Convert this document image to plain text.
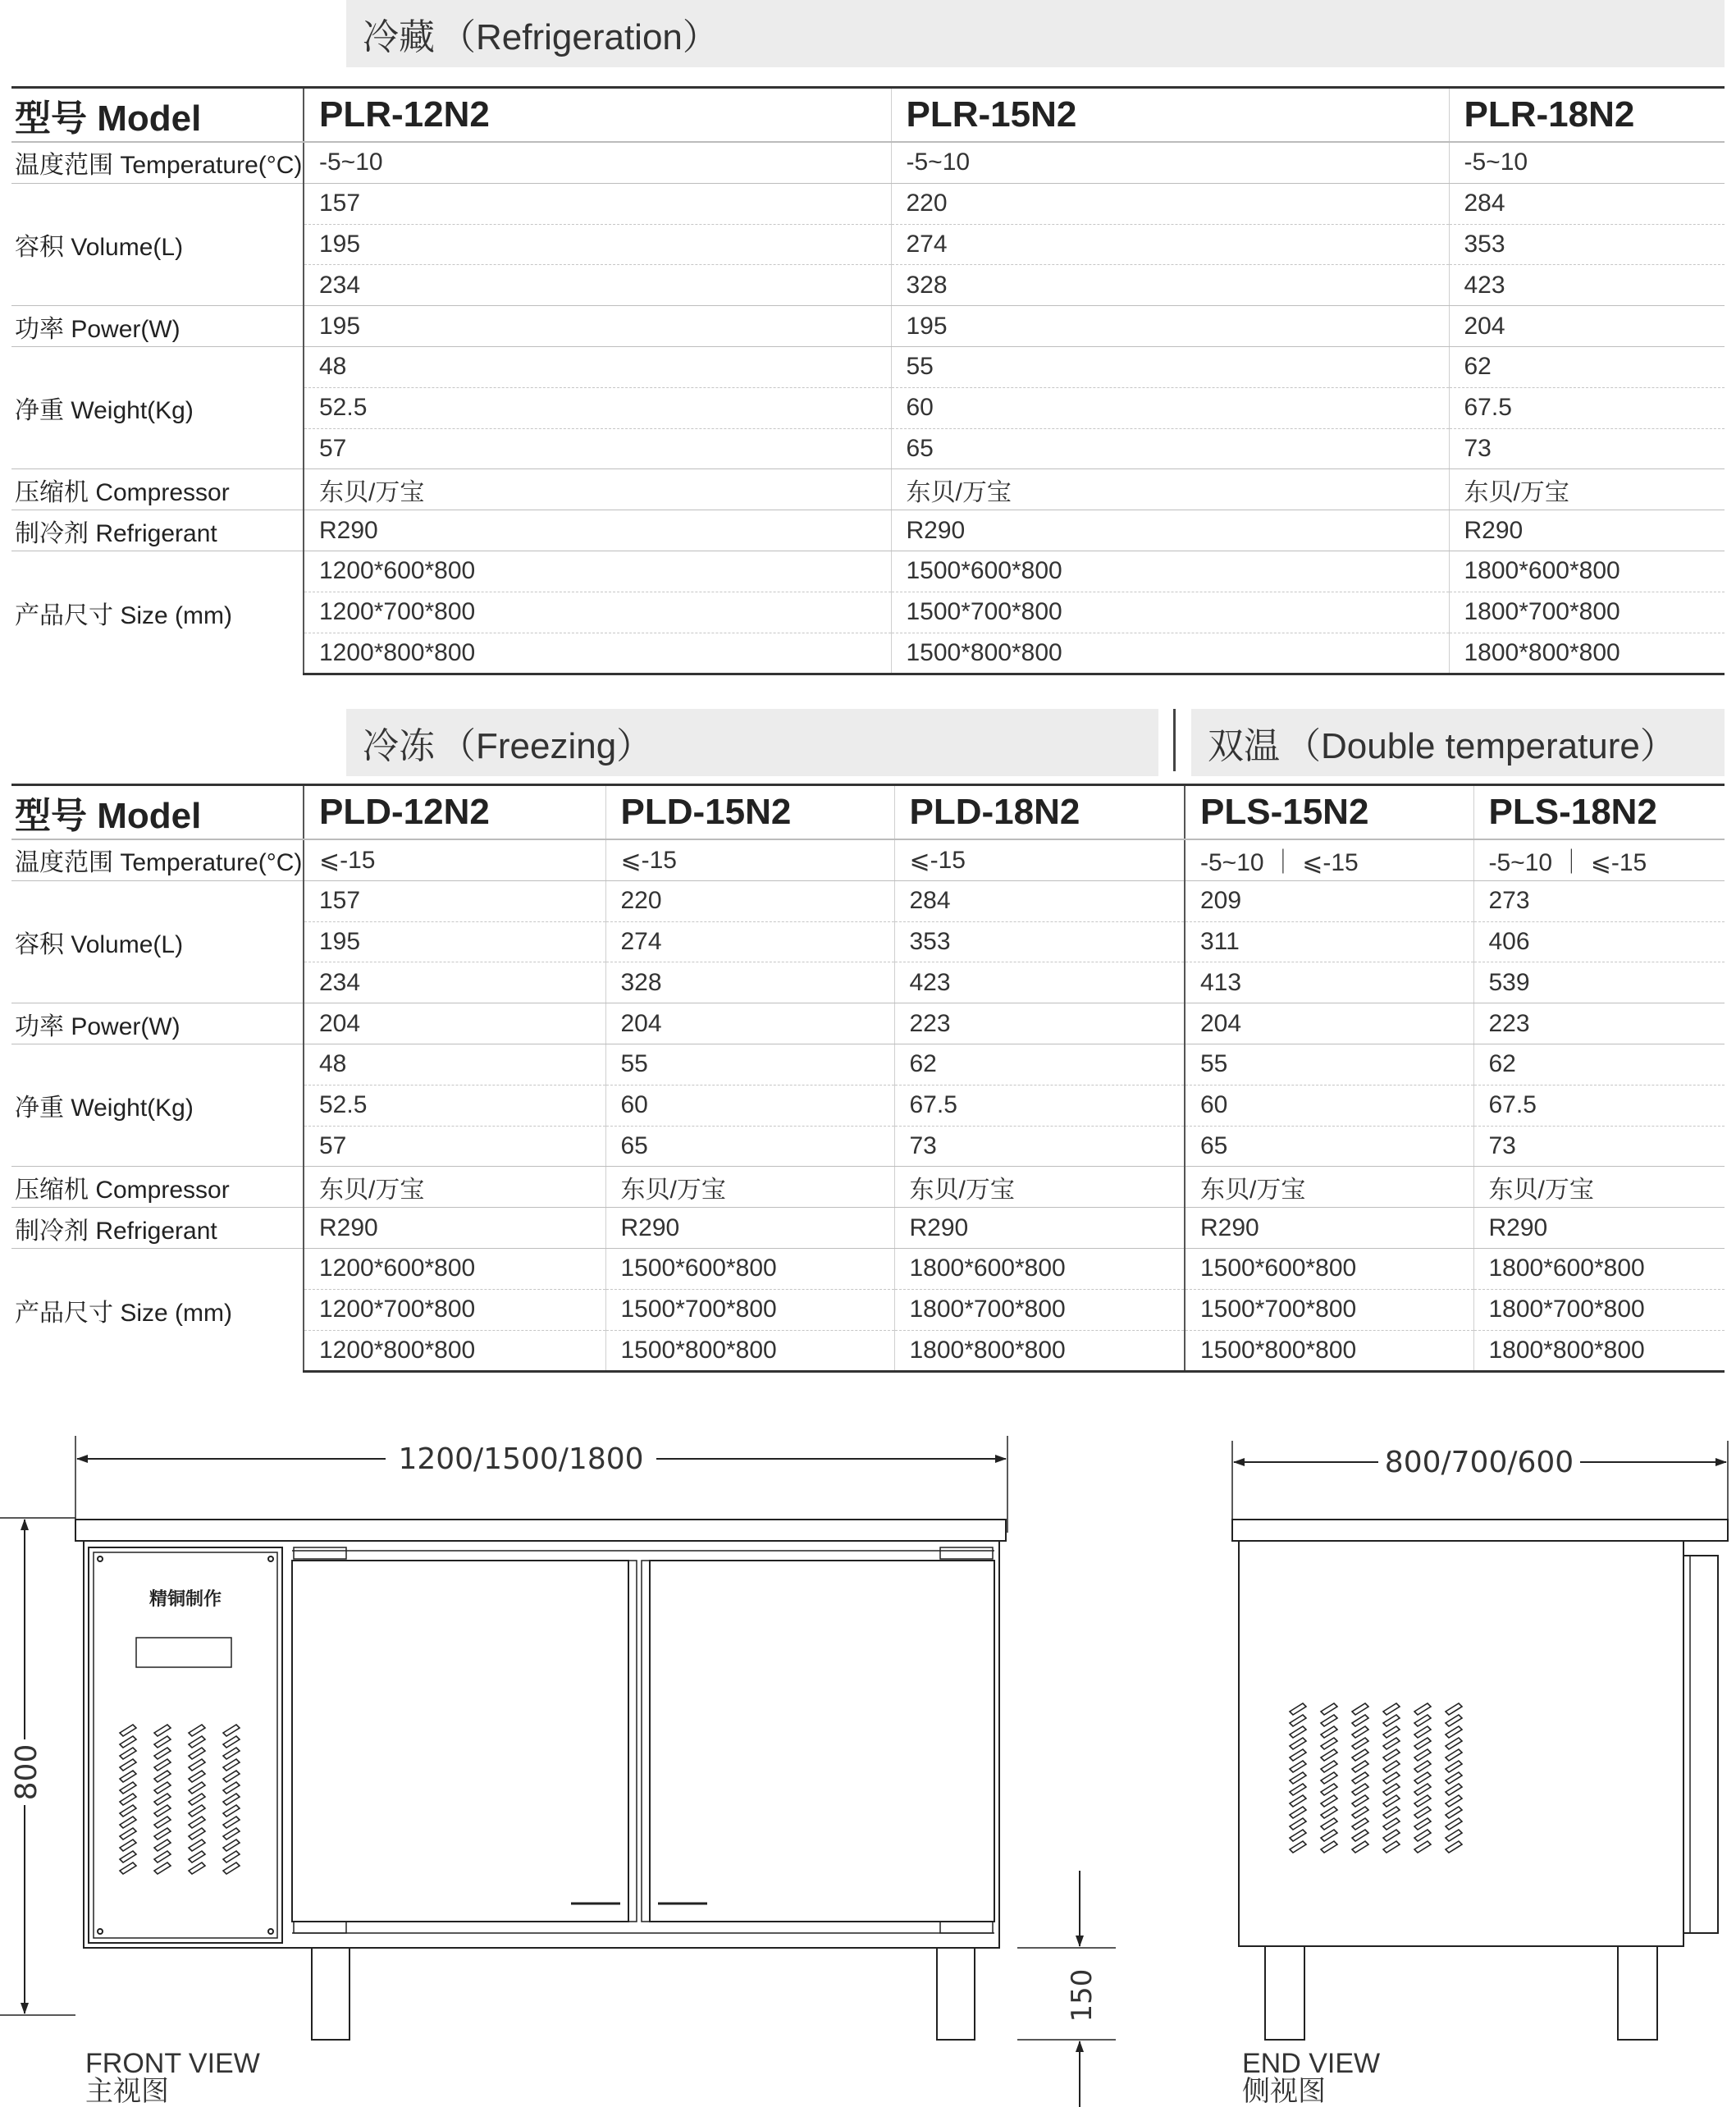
冷藏 （Refrigeration）
型号 Model	PLR-12N2	PLR-15N2	PLR-18N2
温度范围 Temperature(°C)	-5~10	-5~10	-5~10
容积 Volume(L)	157	220	284
	195	274	353
	234	328	423
功率 Power(W)	195	195	204
净重 Weight(Kg)	48	55	62
	52.5	60	67.5
	57	65	73
压缩机 Compressor	东贝/万宝	东贝/万宝	东贝/万宝
制冷剂 Refrigerant	R290	R290	R290
产品尺寸 Size (mm)	1200*600*800	1500*600*800	1800*600*800
	1200*700*800	1500*700*800	1800*700*800
	1200*800*800	1500*800*800	1800*800*800
冷冻 （Freezing）	双温 （Double temperature）
型号 Model	PLD-12N2	PLD-15N2	PLD-18N2	PLS-15N2	PLS-18N2
温度范围 Temperature(°C)	⩽-15	⩽-15	⩽-15	-5~10 ｜ ⩽-15	-5~10 ｜ ⩽-15
容积 Volume(L)	157	220	284	209	273
	195	274	353	311	406
	234	328	423	413	539
功率 Power(W)	204	204	223	204	223
净重 Weight(Kg)	48	55	62	55	62
	52.5	60	67.5	60	67.5
	57	65	73	65	73
压缩机 Compressor	东贝/万宝	东贝/万宝	东贝/万宝	东贝/万宝	东贝/万宝
制冷剂 Refrigerant	R290	R290	R290	R290	R290
产品尺寸 Size (mm)	1200*600*800	1500*600*800	1800*600*800	1500*600*800	1800*600*800
	1200*700*800	1500*700*800	1800*700*800	1500*700*800	1800*700*800
	1200*800*800	1500*800*800	1800*800*800	1500*800*800	1800*800*800
精铜制作
1200/1500/1800
800
150
800/700/600
FRONT VIEW
主视图
END VIEW
侧视图
